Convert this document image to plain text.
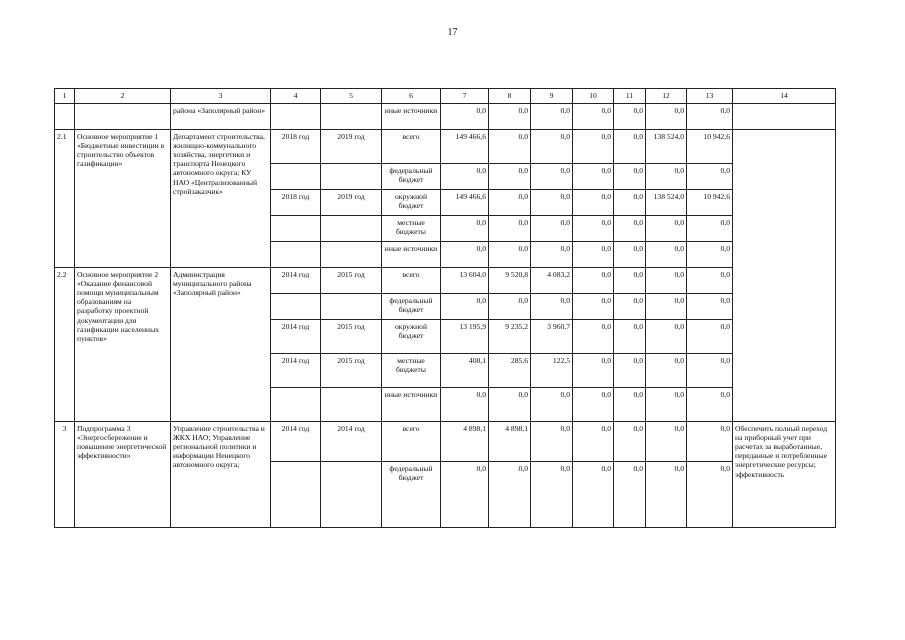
17
1	2	3	4	5	6	7	8	9	10	11	12	13	14
		района «Заполярный район»			иные источники	0,0	0,0	0,0	0,0	0,0	0,0	0,0	
2.1	Основное мероприятие 1 «Бюджетные инвестиции в строительство объектов газификации»	Департамент строительства, жилищно-коммунального хозяйства, энергетики и транспорта Ненецкого автономного округа; КУ НАО «Централизованный стройзаказчик»	2018 год	2019 год	всего	149 466,6	0,0	0,0	0,0	0,0	138 524,0	10 942,6	
					федеральный бюджет	0,0	0,0	0,0	0,0	0,0	0,0	0,0	
			2018 год	2019 год	окружной бюджет	149 466,6	0,0	0,0	0,0	0,0	138 524,0	10 942,6	
					местные бюджеты	0,0	0,0	0,0	0,0	0,0	0,0	0,0	
					иные источники	0,0	0,0	0,0	0,0	0,0	0,0	0,0	
2.2	Основное мероприятие 2 «Оказание финансовой помощи муниципальным образованиям на разработку проектной документации для газификации населенных пунктов»	Администрация муниципального района «Заполярный район»	2014 год	2015 год	всего	13 604,0	9 520,8	4 083,2	0,0	0,0	0,0	0,0	
					федеральный бюджет	0,0	0,0	0,0	0,0	0,0	0,0	0,0	
			2014 год	2015 год	окружной бюджет	13 195,9	9 235,2	3 960,7	0,0	0,0	0,0	0,0	
			2014 год	2015 год	местные бюджеты	408,1	285,6	122,5	0,0	0,0	0,0	0,0	
					иные источники	0,0	0,0	0,0	0,0	0,0	0,0	0,0	
3	Подпрограмма 3 «Энергосбережение и повышение энергетической эффективности»	Управление строительства и ЖКХ НАО; Управление региональной политики и информации Ненецкого автономного округа;	2014 год	2014 год	всего	4 898,1	4 898,1	0,0	0,0	0,0	0,0	0,0	Обеспечить полный переход на приборный учет при расчетах за выработанные, переданные и потребленные энергетические ресурсы; эффективность
					федеральный бюджет	0,0	0,0	0,0	0,0	0,0	0,0	0,0	
